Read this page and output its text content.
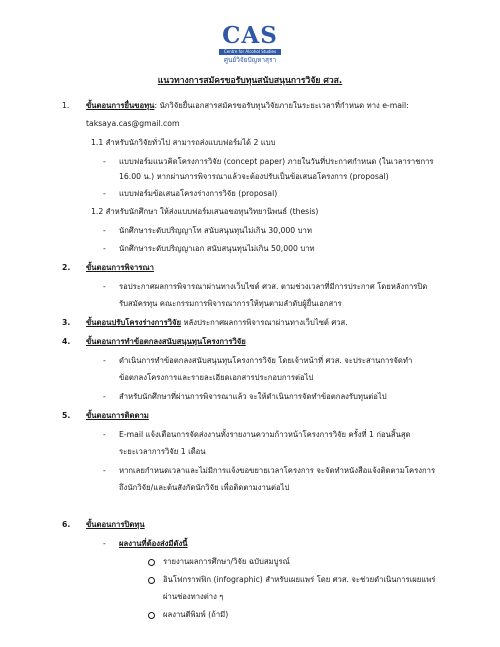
CAS
Centre for Alcohol Studies
ศูนย์วิจัยปัญหาสุรา
แนวทางการสมัครขอรับทุนสนับสนุนการวิจัย ศวส.
1. ขั้นตอนการยื่นขอทุน: นักวิจัยยื่นเอกสารสมัครขอรับทุนวิจัยภายในระยะเวลาที่กำหนด ทาง e-mail:
taksaya.cas@gmail.com
1.1 สำหรับนักวิจัยทั่วไป สามารถส่งแบบฟอร์มได้ 2 แบบ
- แบบฟอร์มแนวคิดโครงการวิจัย (concept paper) ภายในวันที่ประกาศกำหนด (ในเวลาราชการ
16.00 น.) หากผ่านการพิจารณาแล้วจะต้องปรับเป็นข้อเสนอโครงการ (proposal)
- แบบฟอร์มข้อเสนอโครงร่างการวิจัย (proposal)
1.2 สำหรับนักศึกษา ให้ส่งแบบฟอร์มเสนอขอทุนวิทยานิพนธ์ (thesis)
- นักศึกษาระดับปริญญาโท สนับสนุนทุนไม่เกิน 30,000 บาท
- นักศึกษาระดับปริญญาเอก สนับสนุนทุนไม่เกิน 50,000 บาท
2. ขั้นตอนการพิจารณา
- รอประกาศผลการพิจารณาผ่านทางเว็บไซต์ ศวส. ตามช่วงเวลาที่มีการประกาศ โดยหลังการปิด
รับสมัครทุน คณะกรรมการพิจารณาการให้ทุนตามลำดับผู้ยื่นเอกสาร
3. ขั้นตอนปรับโครงร่างการวิจัย หลังประกาศผลการพิจารณาผ่านทางเว็บไซต์ ศวส.
4. ขั้นตอนการทำข้อตกลงสนับสนุนทุนโครงการวิจัย
- ดำเนินการทำข้อตกลงสนับสนุนทุนโครงการวิจัย โดยเจ้าหน้าที่ ศวส. จะประสานการจัดทำ
ข้อตกลงโครงการและรายละเอียดเอกสารประกอบการต่อไป
- สำหรับนักศึกษาที่ผ่านการพิจารณาแล้ว จะให้ดำเนินการจัดทำข้อตกลงรับทุนต่อไป
5. ขั้นตอนการติดตาม
- E-mail แจ้งเตือนการจัดส่งงานทั้งรายงานความก้าวหน้าโครงการวิจัย ครั้งที่ 1 ก่อนสิ้นสุด
ระยะเวลาการวิจัย 1 เดือน
- หากเลยกำหนดเวลาและไม่มีการแจ้งขอขยายเวลาโครงการ จะจัดทำหนังสือแจ้งติดตามโครงการ
ถึงนักวิจัย/และต้นสังกัดนักวิจัย เพื่อติดตามงานต่อไป
6. ขั้นตอนการปิดทุน
- ผลงานที่ต้องส่งมีดังนี้
รายงานผลการศึกษา/วิจัย ฉบับสมบูรณ์
อินโฟกราฟฟิก (infographic) สำหรับเผยแพร่ โดย ศวส. จะช่วยดำเนินการเผยแพร่
ผ่านช่องทางต่าง ๆ
ผลงานตีพิมพ์ (ถ้ามี)
